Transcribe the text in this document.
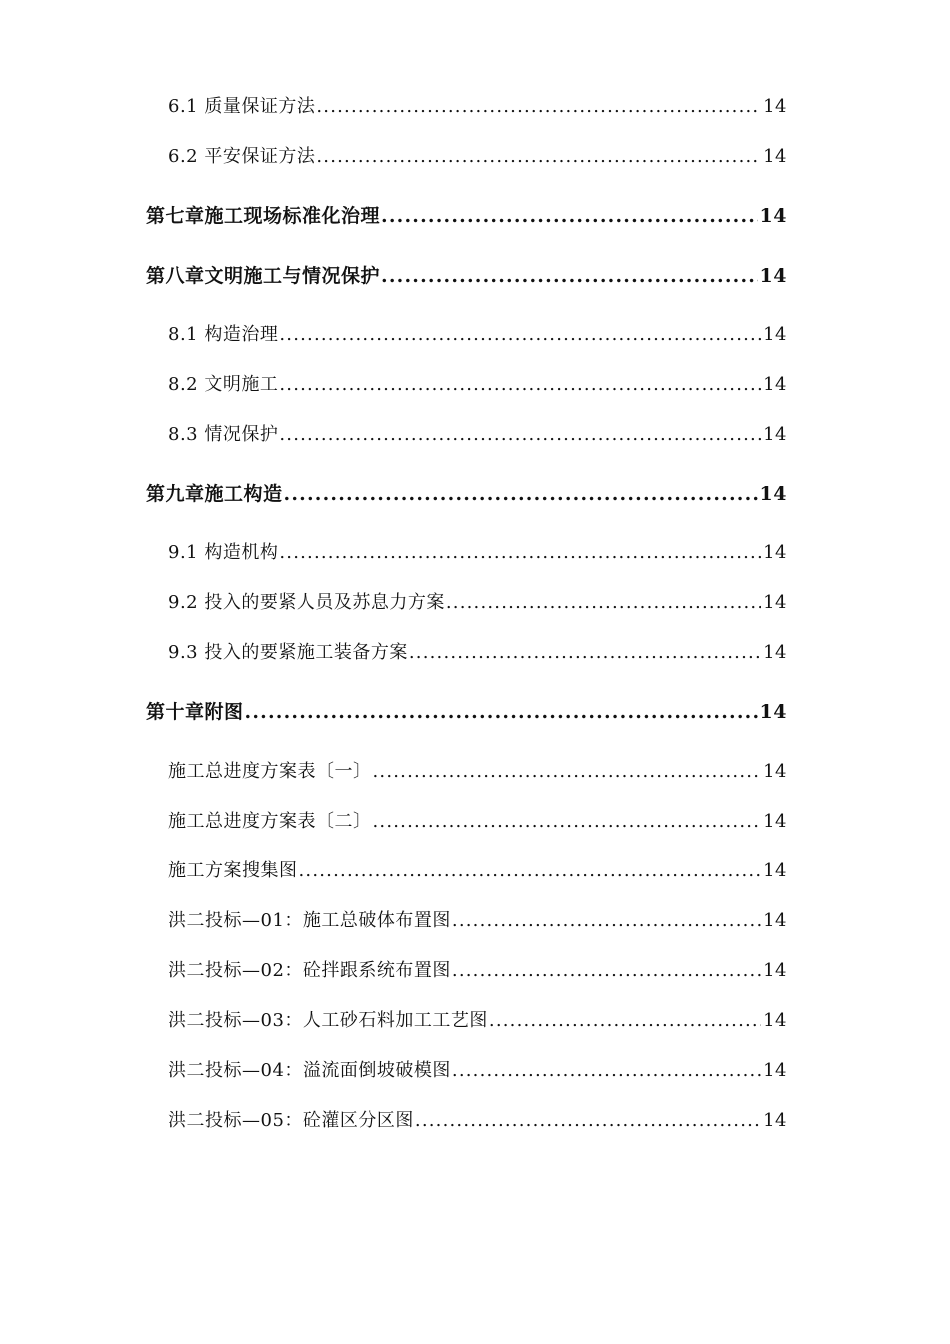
6.1 质量保证方法 .....	14
6.2 平安保证方法 .....	14
第七章施工现场标准化治理 .....	14
第八章文明施工与情况保护 .....	14
8.1 构造治理 .....	14
8.2 文明施工 .....	14
8.3 情况保护 .....	14
第九章施工构造 .....	14
9.1 构造机构 .....	14
9.2 投入的要紧人员及苏息力方案 .....	14
9.3 投入的要紧施工装备方案 .....	14
第十章附图 .....	14
施工总进度方案表〔一〕 .....	14
施工总进度方案表〔二〕 .....	14
施工方案搜集图 .....	14
洪二投标—01：施工总破体布置图 .....	14
洪二投标—02：砼拌跟系统布置图 .....	14
洪二投标—03：人工砂石料加工工艺图 .....	14
洪二投标—04：溢流面倒坡破模图 .....	14
洪二投标—05：砼灌区分区图 .....	14
